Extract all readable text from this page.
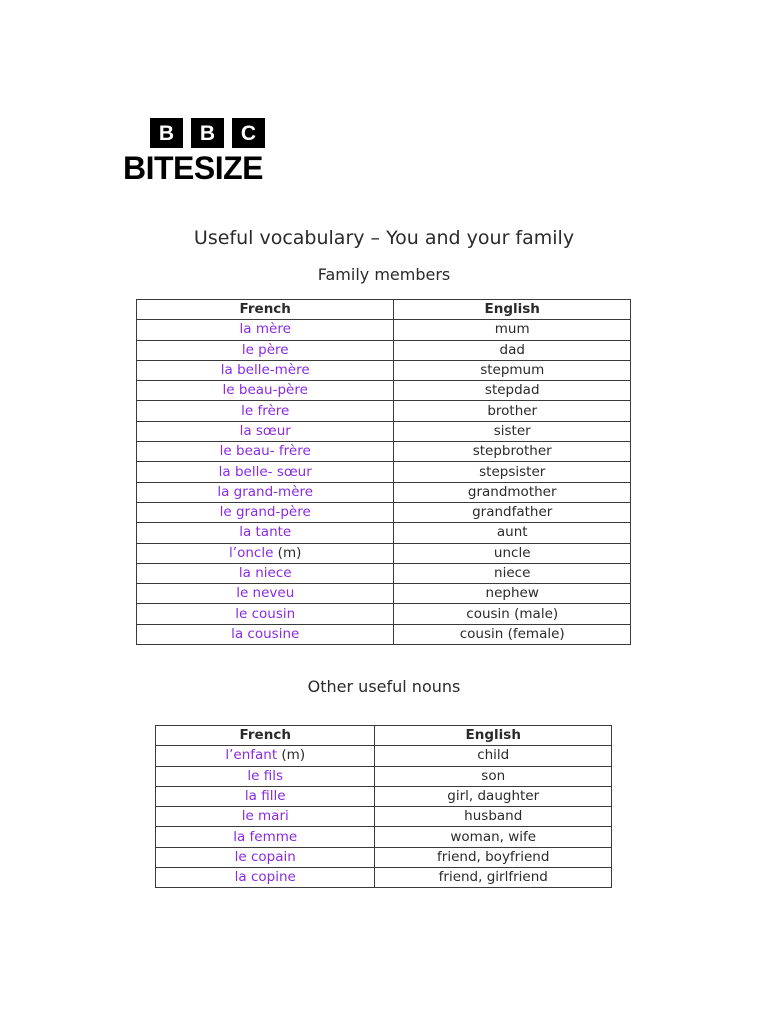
B	B	C
BITESIZE
Useful vocabulary – You and your family
Family members
French	English
la mère	mum
le père	dad
la belle-mère	stepmum
le beau-père	stepdad
le frère	brother
la sœur	sister
le beau- frère	stepbrother
la belle- sœur	stepsister
la grand-mère	grandmother
le grand-père	grandfather
la tante	aunt
l’oncle (m)	uncle
la niece	niece
le neveu	nephew
le cousin	cousin (male)
la cousine	cousin (female)
Other useful nouns
French	English
l’enfant (m)	child
le fils	son
la fille	girl, daughter
le mari	husband
la femme	woman, wife
le copain	friend, boyfriend
la copine	friend, girlfriend
